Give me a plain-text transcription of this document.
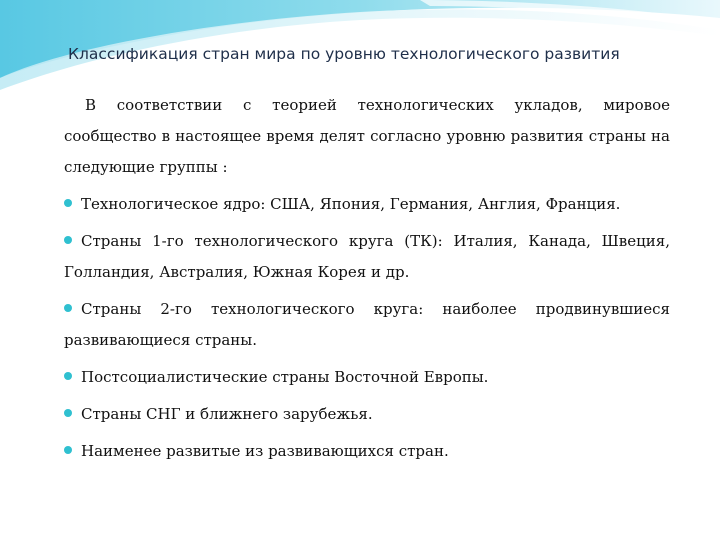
Классификация стран мира по уровню технологического развития

В соответствии с теорией технологических укладов, мировое сообщество в настоящее время делят согласно уровню развития страны на следующие группы :

Технологическое ядро: США, Япония, Германия, Англия, Франция.
Страны 1-го технологического круга (ТК): Италия, Канада, Швеция, Голландия, Австралия, Южная Корея и др.
Страны 2-го технологического круга: наиболее продвинувшиеся развивающиеся страны.
Постсоциалистические страны Восточной Европы.
Страны СНГ и ближнего зарубежья.
Наименее развитые из развивающихся стран.
